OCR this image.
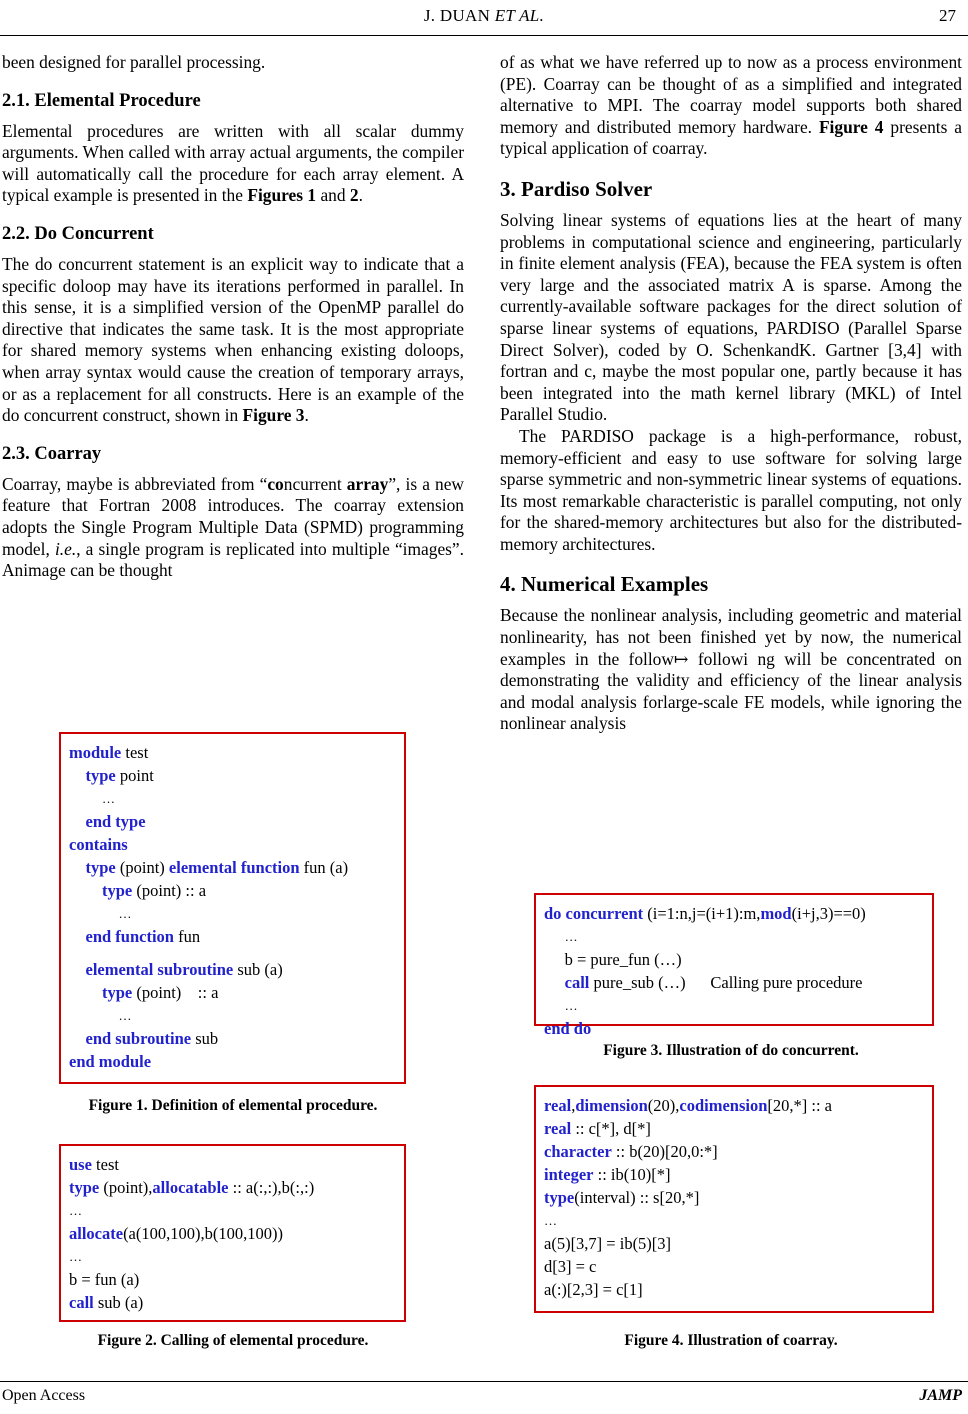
J. DUAN ET AL.	27

been designed for parallel processing.

2.1. Elemental Procedure

Elemental procedures are written with all scalar dummy arguments. When called with array actual arguments, the compiler will automatically call the procedure for each array element. A typical example is presented in the Figures 1 and 2.

2.2. Do Concurrent

The do concurrent statement is an explicit way to indicate that a specific doloop may have its iterations performed in parallel. In this sense, it is a simplified version of the OpenMP parallel do directive that indicates the same task. It is the most appropriate for shared memory systems when enhancing existing doloops, when array syntax would cause the creation of temporary arrays, or as a replacement for all constructs. Here is an example of the do concurrent construct, shown in Figure 3.

2.3. Coarray

Coarray, maybe is abbreviated from “concurrent array”, is a new feature that Fortran 2008 introduces. The coarray extension adopts the Single Program Multiple Data (SPMD) programming model, i.e., a single program is replicated into multiple “images”. Animage can be thought

of as what we have referred up to now as a process environment (PE). Coarray can be thought of as a simplified and integrated alternative to MPI. The coarray model supports both shared memory and distributed memory hardware. Figure 4 presents a typical application of coarray.

3. Pardiso Solver

Solving linear systems of equations lies at the heart of many problems in computational science and engineering, particularly in finite element analysis (FEA), because the FEA system is often very large and the associated matrix A is sparse. Among the currently-available software packages for the direct solution of sparse linear systems of equations, PARDISO (Parallel Sparse Direct Solver), coded by O. SchenkandK. Gartner [3,4] with fortran and c, maybe the most popular one, partly because it has been integrated into the math kernel library (MKL) of Intel Parallel Studio.

The PARDISO package is a high-performance, robust, memory-efficient and easy to use software for solving large sparse symmetric and non-symmetric linear systems of equations. Its most remarkable characteristic is parallel computing, not only for the shared-memory architectures but also for the distributed-memory architectures.

4. Numerical Examples

Because the nonlinear analysis, including geometric and material nonlinearity, has not been finished yet by now, the numerical examples in the follow↦ followi ng will be concentrated on demonstrating the validity and efficiency of the linear analysis and modal analysis forlarge-scale FE models, while ignoring the nonlinear analysis

module test
type point
…
end type
contains
type (point) elemental function fun (a)
type (point) :: a
…
end function fun
elemental subroutine sub (a)
type (point)    :: a
…
end subroutine sub
end module
Figure 1. Definition of elemental procedure.
use test
type (point),allocatable :: a(:,:),b(:,:)
…
allocate(a(100,100),b(100,100))
…
b = fun (a)
call sub (a)
Figure 2. Calling of elemental procedure.
do concurrent (i=1:n,j=(i+1):m,mod(i+j,3)==0)
…
b = pure_fun (…)
call pure_sub (…)      Calling pure procedure
…
end do
Figure 3. Illustration of do concurrent.
real,dimension(20),codimension[20,*] :: a
real :: c[*], d[*]
character :: b(20)[20,0:*]
integer :: ib(10)[*]
type(interval) :: s[20,*]
…
a(5)[3,7] = ib(5)[3]
d[3] = c
a(:)[2,3] = c[1]
Figure 4. Illustration of coarray.
Open Access	JAMP
